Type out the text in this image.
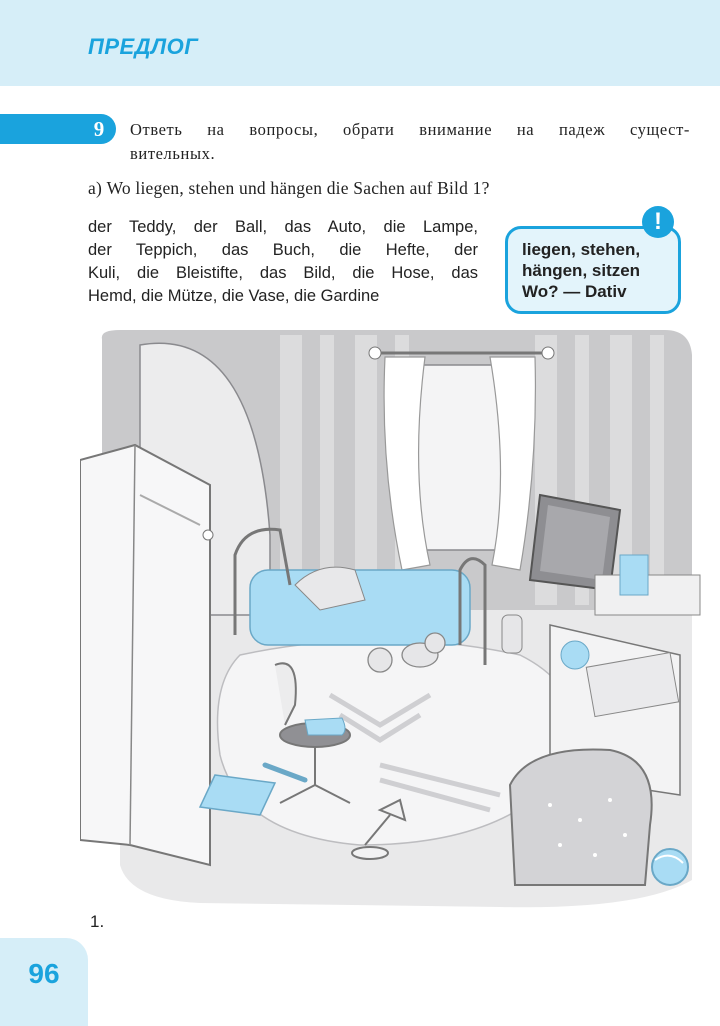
ПРЕДЛОГ
9	Ответь на вопросы, обрати внимание на падеж сущест-
вительных.
а) Wo liegen, stehen und hängen die Sachen auf Bild 1?
der Teddy, der Ball, das Auto, die Lampe,
der Teppich, das Buch, die Hefte, der
Kuli, die Bleistifte, das Bild, die Hose, das
Hemd, die Mütze, die Vase, die Gardine
liegen, stehen,
hängen, sitzen
Wo? — Dativ
!
1.
96
